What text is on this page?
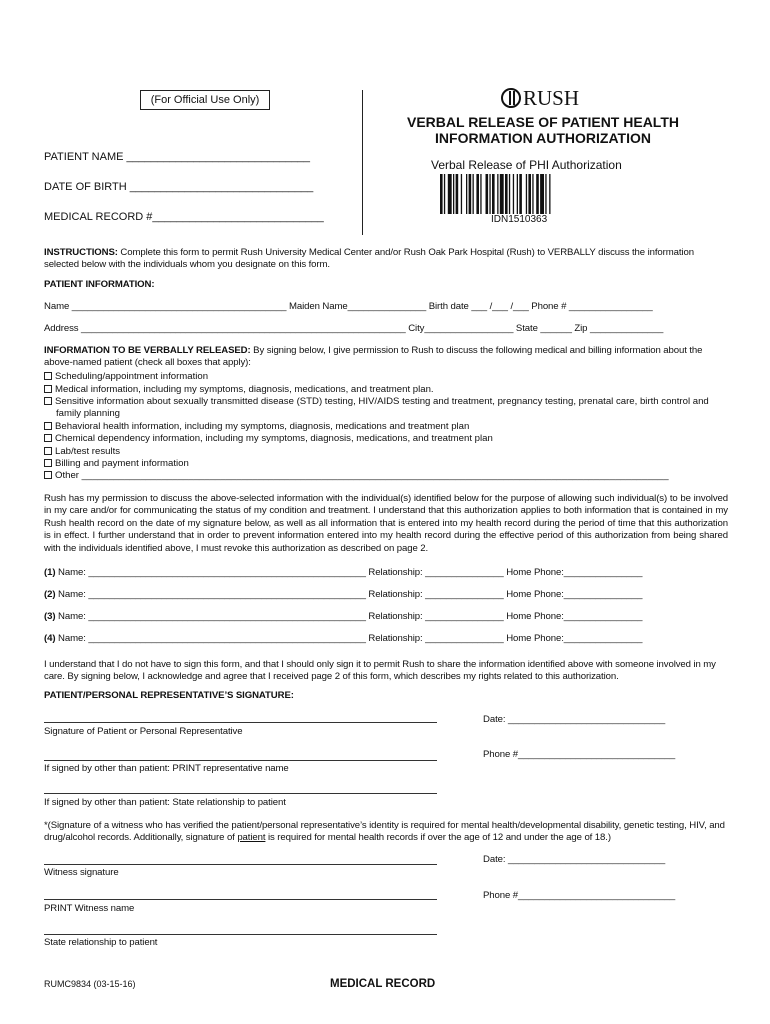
(For Official Use Only)
PATIENT NAME ______________________________
DATE OF BIRTH ______________________________
MEDICAL RECORD #____________________________
RUSH
VERBAL RELEASE OF PATIENT HEALTH
INFORMATION AUTHORIZATION
Verbal Release of PHI Authorization
IDN1510363
INSTRUCTIONS: Complete this form to permit Rush University Medical Center and/or Rush Oak Park Hospital (Rush) to VERBALLY discuss the information selected below with the individuals whom you designate on this form.
PATIENT INFORMATION:
Name _________________________________________ Maiden Name_______________ Birth date ___ /___ /___ Phone # ________________
Address ______________________________________________________________ City_________________ State ______ Zip ______________
INFORMATION TO BE VERBALLY RELEASED: By signing below, I give permission to Rush to discuss the following medical and billing information about the above-named patient (check all boxes that apply):
Scheduling/appointment information
Medical information, including my symptoms, diagnosis, medications, and treatment plan.
Sensitive information about sexually transmitted disease (STD) testing, HIV/AIDS testing and treatment, pregnancy testing, prenatal care, birth control and family planning
Behavioral health information, including my symptoms, diagnosis, medications and treatment plan
Chemical dependency information, including my symptoms, diagnosis, medications, and treatment plan
Lab/test results
Billing and payment information
Other ______________________________________________________________________________________________________________
Rush has my permission to discuss the above-selected information with the individual(s) identified below for the purpose of allowing such individual(s) to be involved in my care and/or for communicating the status of my condition and treatment. I understand that this authorization applies to both information that is contained in my Rush health record on the date of my signature below, as well as all information that is entered into my health record during the period of time that this authorization is in effect. I further understand that in order to prevent information entered into my health record during the effective period of this authorization from being shared with the individuals identified above, I must revoke this authorization as described on page 2.
(1) Name: _____________________________________________________ Relationship: _______________ Home Phone:_______________
(2) Name: _____________________________________________________ Relationship: _______________ Home Phone:_______________
(3) Name: _____________________________________________________ Relationship: _______________ Home Phone:_______________
(4) Name: _____________________________________________________ Relationship: _______________ Home Phone:_______________
I understand that I do not have to sign this form, and that I should only sign it to permit Rush to share the information identified above with someone involved in my care. By signing below, I acknowledge and agree that I received page 2 of this form, which describes my rights related to this authorization.
PATIENT/PERSONAL REPRESENTATIVE’S SIGNATURE:
Signature of Patient or Personal Representative
Date: ______________________________
If signed by other than patient: PRINT representative name
Phone #______________________________
If signed by other than patient: State relationship to patient
*(Signature of a witness who has verified the patient/personal representative’s identity is required for mental health/developmental disability, genetic testing, HIV, and drug/alcohol records. Additionally, signature of patient is required for mental health records if over the age of 12 and under the age of 18.)
Witness signature
Date: ______________________________
PRINT Witness name
Phone #______________________________
State relationship to patient
RUMC9834 (03-15-16)	MEDICAL RECORD
